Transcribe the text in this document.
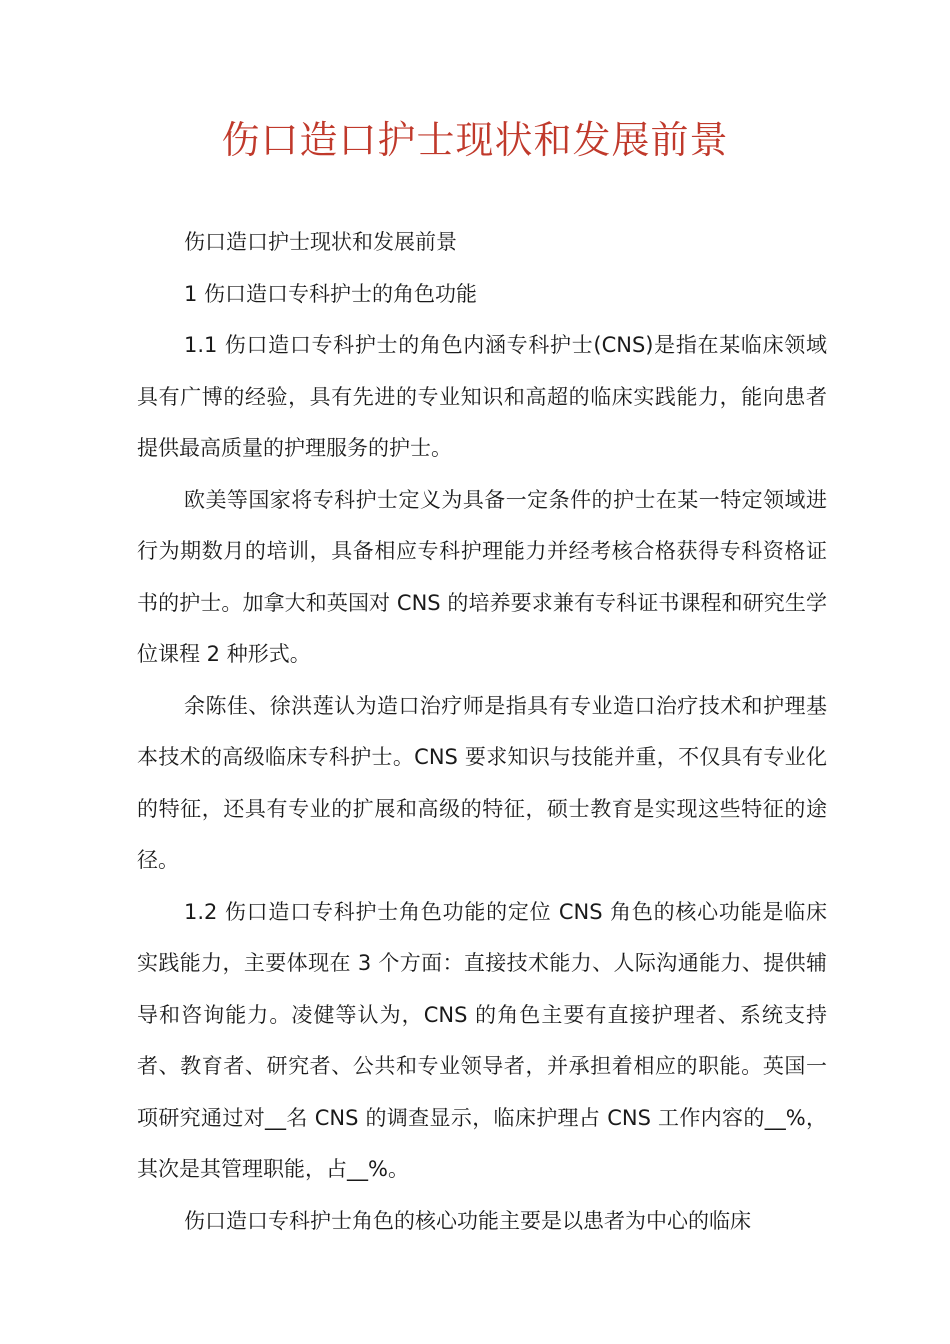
伤口造口护士现状和发展前景

伤口造口护士现状和发展前景

1 伤口造口专科护士的角色功能

1.1 伤口造口专科护士的角色内涵专科护士(CNS)是指在某临床领域具有广博的经验，具有先进的专业知识和高超的临床实践能力，能向患者提供最高质量的护理服务的护士。

欧美等国家将专科护士定义为具备一定条件的护士在某一特定领域进行为期数月的培训，具备相应专科护理能力并经考核合格获得专科资格证书的护士。加拿大和英国对 CNS 的培养要求兼有专科证书课程和研究生学位课程 2 种形式。

余陈佳、徐洪莲认为造口治疗师是指具有专业造口治疗技术和护理基本技术的高级临床专科护士。CNS 要求知识与技能并重，不仅具有专业化的特征，还具有专业的扩展和高级的特征，硕士教育是实现这些特征的途径。

1.2 伤口造口专科护士角色功能的定位 CNS 角色的核心功能是临床实践能力，主要体现在 3 个方面：直接技术能力、人际沟通能力、提供辅导和咨询能力。凌健等认为，CNS 的角色主要有直接护理者、系统支持者、教育者、研究者、公共和专业领导者，并承担着相应的职能。英国一项研究通过对__名 CNS 的调查显示，临床护理占 CNS 工作内容的__%，其次是其管理职能，占__%。

伤口造口专科护士角色的核心功能主要是以患者为中心的临床
